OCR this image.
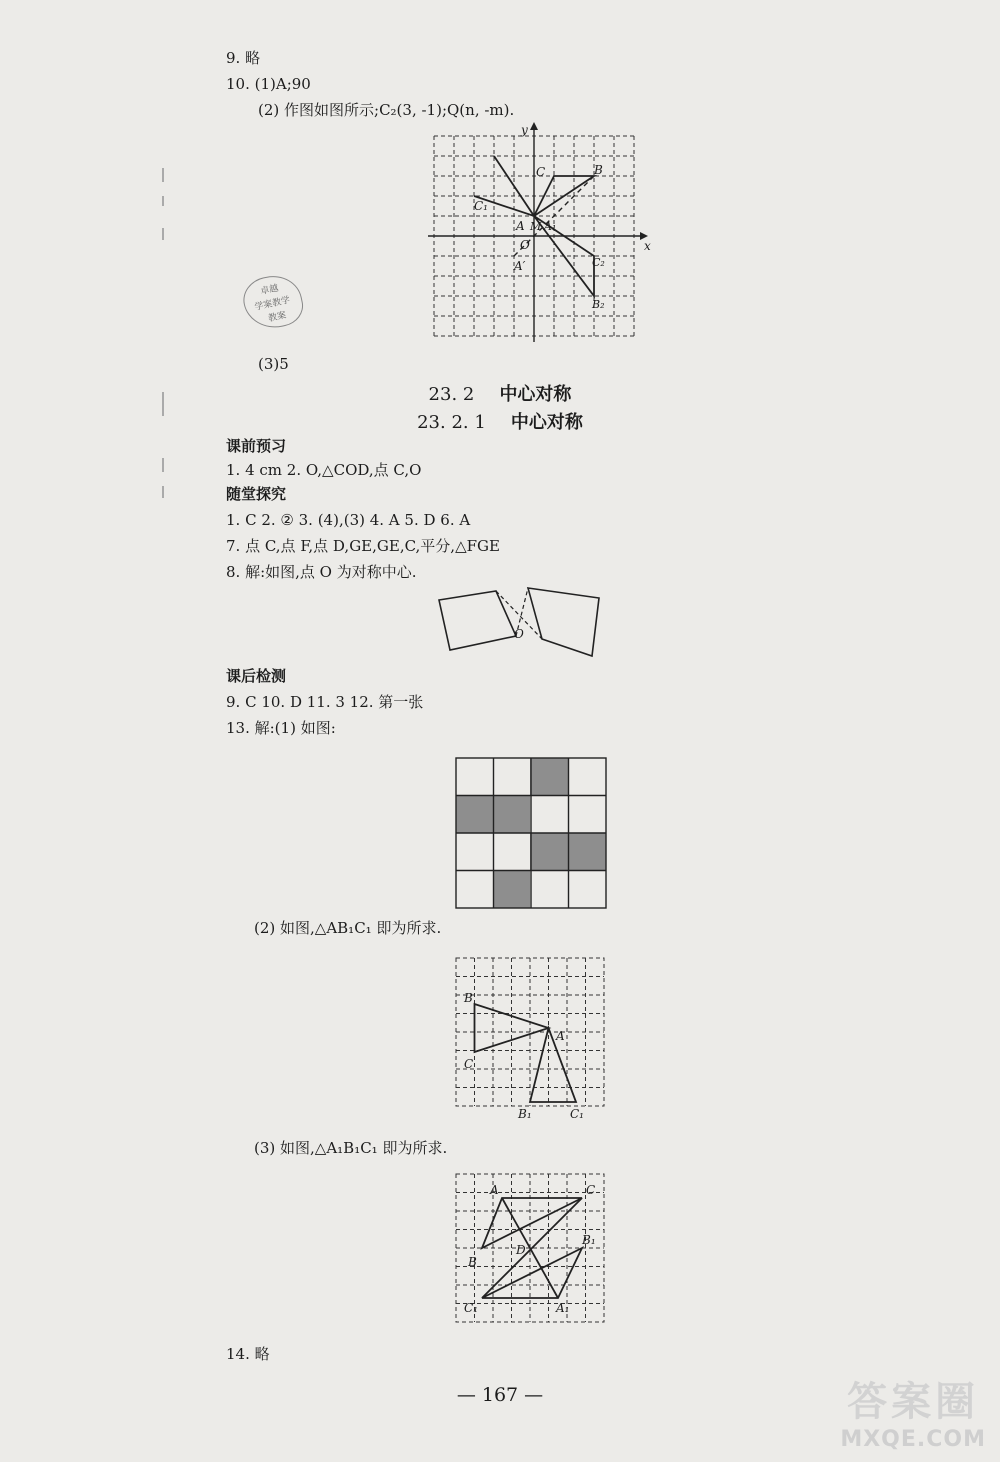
9. 略
10. (1)A;90
(2) 作图如图所示;C₂(3, -1);Q(n, -m).
y
x
O
A M A₁
A′
B
C
C₁
C₂
B₂
卓越
学案教学
教案
(3)5
23. 2 中心对称
23. 2. 1 中心对称
课前预习
1. 4 cm 2. O,△COD,点 C,O
随堂探究
1. C 2. ② 3. (4),(3) 4. A 5. D 6. A
7. 点 C,点 F,点 D,GE,GE,C,平分,△FGE
8. 解:如图,点 O 为对称中心.
O
课后检测
9. C 10. D 11. 3 12. 第一张
13. 解:(1) 如图:
(2) 如图,△AB₁C₁ 即为所求.
B
A
C
B₁	C₁
(3) 如图,△A₁B₁C₁ 即为所求.
A	C
D
B₁
B
C₁	A₁
14. 略
— 167 —	答案圈
MXQE.COM
